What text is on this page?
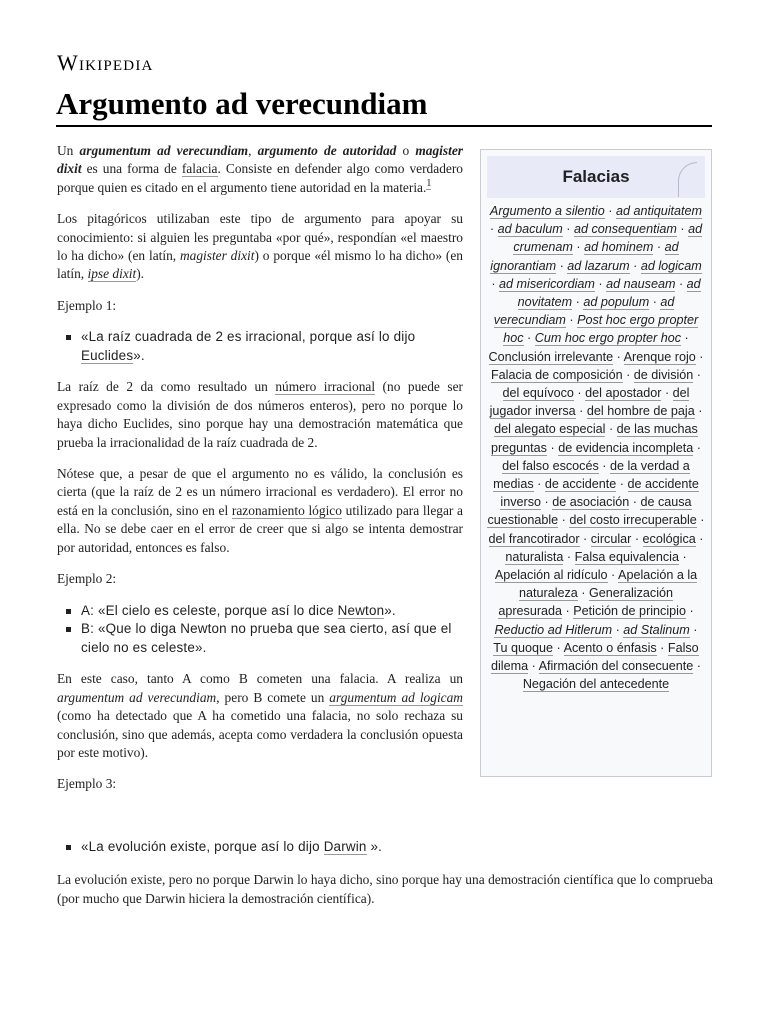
Wikipedia
Argumento ad verecundiam

Un argumentum ad verecundiam, argumento de autoridad o magister dixit es una forma de falacia. Consiste en defender algo como verdadero porque quien es citado en el argumento tiene autoridad en la materia.$^1$

Los pitagóricos utilizaban este tipo de argumento para apoyar su conocimiento: si alguien les preguntaba «por qué», respondían «el maestro lo ha dicho» (en latín, magister dixit) o porque «él mismo lo ha dicho» (en latín, ipse dixit).

Ejemplo 1:

«La raíz cuadrada de 2 es irracional, porque así lo dijo Euclides».

La raíz de 2 da como resultado un número irracional (no puede ser expresado como la división de dos números enteros), pero no porque lo haya dicho Euclides, sino porque hay una demostración matemática que prueba la irracionalidad de la raíz cuadrada de 2.

Nótese que, a pesar de que el argumento no es válido, la conclusión es cierta (que la raíz de 2 es un número irracional es verdadero). El error no está en la conclusión, sino en el razonamiento lógico utilizado para llegar a ella. No se debe caer en el error de creer que si algo se intenta demostrar por autoridad, entonces es falso.

Ejemplo 2:

A: «El cielo es celeste, porque así lo dice Newton».
B: «Que lo diga Newton no prueba que sea cierto, así que el cielo no es celeste».

En este caso, tanto A como B cometen una falacia. A realiza un argumentum ad verecundiam, pero B comete un argumentum ad logicam (como ha detectado que A ha cometido una falacia, no solo rechaza su conclusión, sino que además, acepta como verdadera la conclusión opuesta por este motivo).

Ejemplo 3:

«La evolución existe, porque así lo dijo Darwin ».

La evolución existe, pero no porque Darwin lo haya dicho, sino porque hay una demostración científica que lo comprueba (por mucho que Darwin hiciera la demostración científica).

Falacias
Argumento a silentio · ad antiquitatem · ad baculum · ad consequentiam · ad crumenam · ad hominem · ad ignorantiam · ad lazarum · ad logicam · ad misericordiam · ad nauseam · ad novitatem · ad populum · ad verecundiam · Post hoc ergo propter hoc · Cum hoc ergo propter hoc · Conclusión irrelevante · Arenque rojo · Falacia de composición · de división · del equívoco · del apostador · del jugador inversa · del hombre de paja · del alegato especial · de las muchas preguntas · de evidencia incompleta · del falso escocés · de la verdad a medias · de accidente · de accidente inverso · de asociación · de causa cuestionable · del costo irrecuperable · del francotirador · circular · ecológica · naturalista · Falsa equivalencia · Apelación al ridículo · Apelación a la naturaleza · Generalización apresurada · Petición de principio · Reductio ad Hitlerum · ad Stalinum · Tu quoque · Acento o énfasis · Falso dilema · Afirmación del consecuente · Negación del antecedente
